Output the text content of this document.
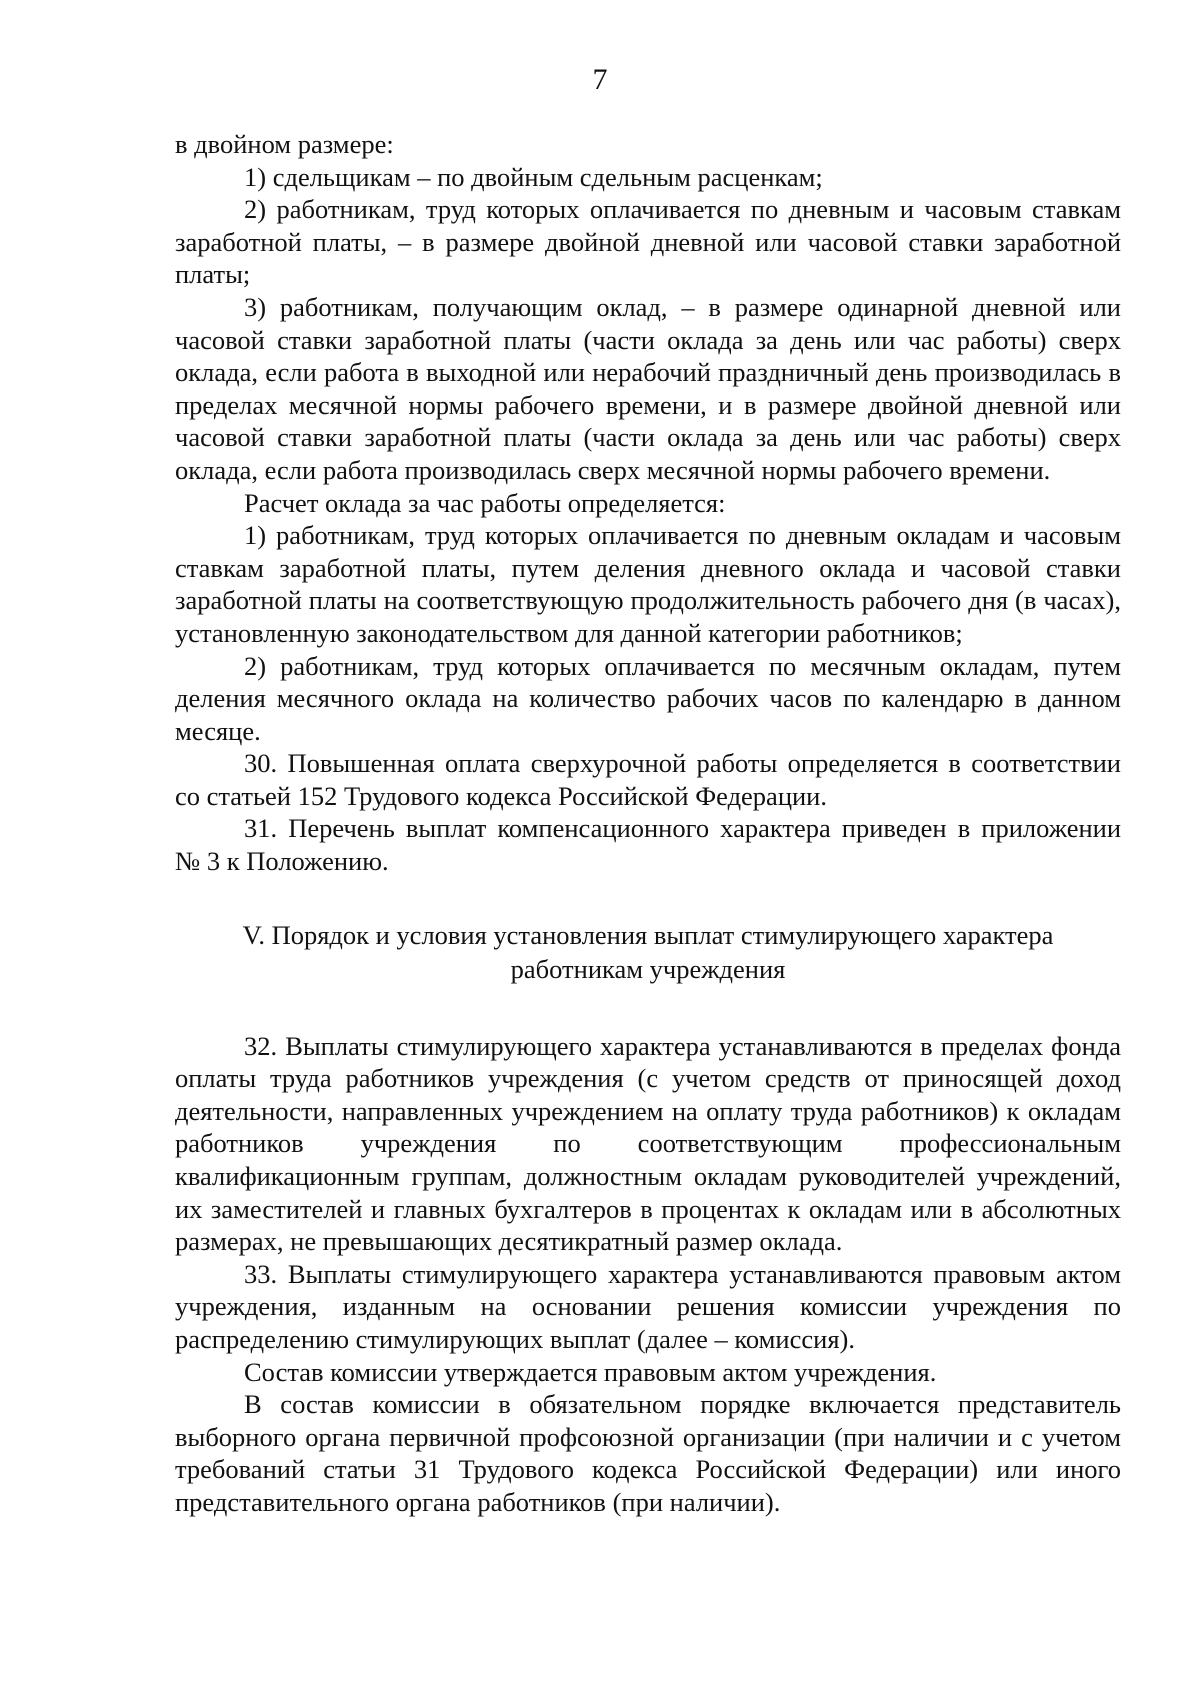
7

в двойном размере:

1) сдельщикам – по двойным сдельным расценкам;

2) работникам, труд которых оплачивается по дневным и часовым ставкам заработной платы, – в размере двойной дневной или часовой ставки заработной платы;

3) работникам, получающим оклад, – в размере одинарной дневной или часовой ставки заработной платы (части оклада за день или час работы) сверх оклада, если работа в выходной или нерабочий праздничный день производилась в пределах месячной нормы рабочего времени, и в размере двойной дневной или часовой ставки заработной платы (части оклада за день или час работы) сверх оклада, если работа производилась сверх месячной нормы рабочего времени.

Расчет оклада за час работы определяется:

1) работникам, труд которых оплачивается по дневным окладам и часовым ставкам заработной платы, путем деления дневного оклада и часовой ставки заработной платы на соответствующую продолжительность рабочего дня (в часах), установленную законодательством для данной категории работников;

2) работникам, труд которых оплачивается по месячным окладам, путем деления месячного оклада на количество рабочих часов по календарю в данном месяце.

30. Повышенная оплата сверхурочной работы определяется в соответствии со статьей 152 Трудового кодекса Российской Федерации.

31. Перечень выплат компенсационного характера приведен в приложении № 3 к Положению.

V. Порядок и условия установления выплат стимулирующего характера
работникам учреждения

32. Выплаты стимулирующего характера устанавливаются в пределах фонда оплаты труда работников учреждения (с учетом средств от приносящей доход деятельности, направленных учреждением на оплату труда работников) к окладам работников учреждения по соответствующим профессиональным квалификационным группам, должностным окладам руководителей учреждений, их заместителей и главных бухгалтеров в процентах к окладам или в абсолютных размерах, не превышающих десятикратный размер оклада.

33. Выплаты стимулирующего характера устанавливаются правовым актом учреждения, изданным на основании решения комиссии учреждения по распределению стимулирующих выплат (далее – комиссия).

Состав комиссии утверждается правовым актом учреждения.

В состав комиссии в обязательном порядке включается представитель выборного органа первичной профсоюзной организации (при наличии и с учетом требований статьи 31 Трудового кодекса Российской Федерации) или иного представительного органа работников (при наличии).
